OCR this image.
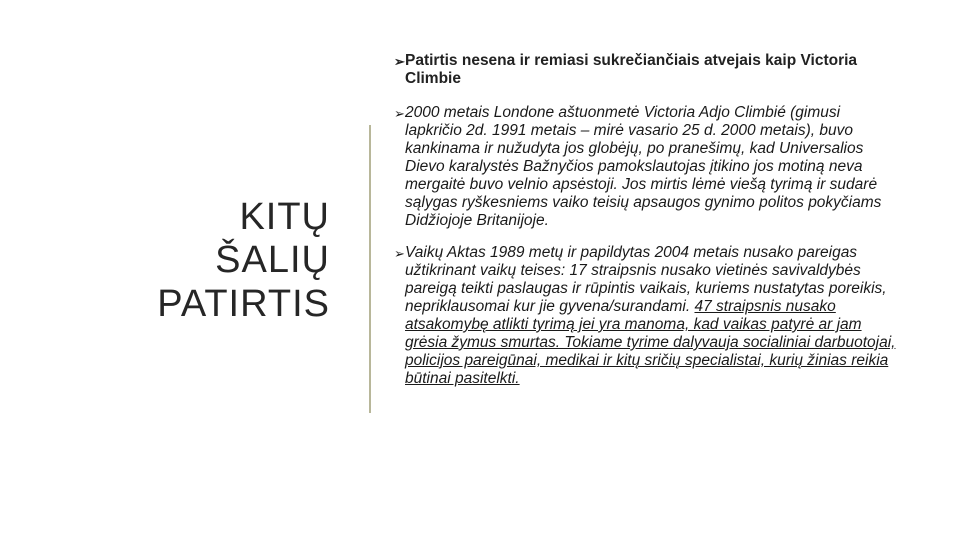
KITŲ
ŠALIŲ
PATIRTIS
➢ Patirtis nesena ir remiasi sukrečiančiais atvejais kaip Victoria Climbie
➢ 2000 metais Londone aštuonmetė Victoria Adjo Climbié (gimusi lapkričio 2d. 1991 metais – mirė vasario 25 d. 2000 metais), buvo kankinama ir nužudyta jos globėjų, po pranešimų, kad Universalios Dievo karalystės Bažnyčios pamokslautojas įtikino jos motiną neva mergaitė buvo velnio apsėstoji. Jos mirtis lėmė viešą tyrimą ir sudarė sąlygas ryškesniems vaiko teisių apsaugos gynimo politos pokyčiams Didžiojoje Britanijoje.
➢ Vaikų Aktas 1989 metų ir papildytas 2004 metais nusako pareigas užtikrinant vaikų teises: 17 straipsnis nusako vietinės savivaldybės pareigą teikti paslaugas ir rūpintis vaikais, kuriems nustatytas poreikis, nepriklausomai kur jie gyvena/surandami. 47 straipsnis nusako atsakomybę atlikti tyrimą jei yra manoma, kad vaikas patyrė ar jam grėsia žymus smurtas. Tokiame tyrime dalyvauja socialiniai darbuotojai, policijos pareigūnai, medikai ir kitų sričių specialistai, kurių žinias reikia būtinai pasitelkti.
